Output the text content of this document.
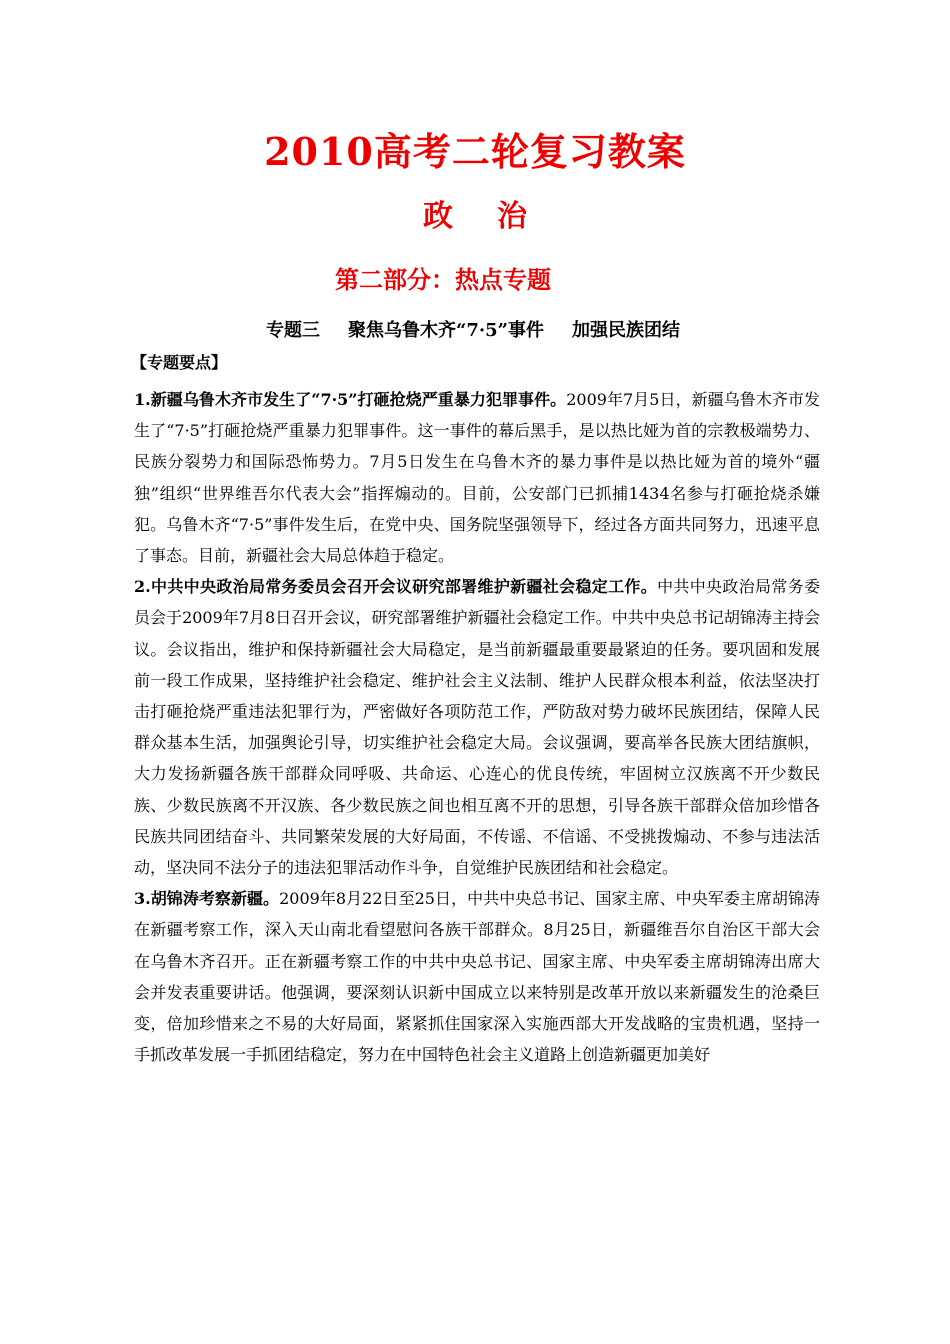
2010高考二轮复习教案
政 治
第二部分：热点专题
专题三 聚焦乌鲁木齐“7·5”事件 加强民族团结
【专题要点】

1.新疆乌鲁木齐市发生了“7·5”打砸抢烧严重暴力犯罪事件。2009年7月5日，新疆乌鲁木齐市发生了“7·5”打砸抢烧严重暴力犯罪事件。这一事件的幕后黑手，是以热比娅为首的宗教极端势力、民族分裂势力和国际恐怖势力。7月5日发生在乌鲁木齐的暴力事件是以热比娅为首的境外“疆独”组织“世界维吾尔代表大会”指挥煽动的。目前，公安部门已抓捕1434名参与打砸抢烧杀嫌犯。乌鲁木齐“7·5”事件发生后，在党中央、国务院坚强领导下，经过各方面共同努力，迅速平息了事态。目前，新疆社会大局总体趋于稳定。

2.中共中央政治局常务委员会召开会议研究部署维护新疆社会稳定工作。中共中央政治局常务委员会于2009年7月8日召开会议，研究部署维护新疆社会稳定工作。中共中央总书记胡锦涛主持会议。会议指出，维护和保持新疆社会大局稳定，是当前新疆最重要最紧迫的任务。要巩固和发展前一段工作成果，坚持维护社会稳定、维护社会主义法制、维护人民群众根本利益，依法坚决打击打砸抢烧严重违法犯罪行为，严密做好各项防范工作，严防敌对势力破坏民族团结，保障人民群众基本生活，加强舆论引导，切实维护社会稳定大局。会议强调，要高举各民族大团结旗帜，大力发扬新疆各族干部群众同呼吸、共命运、心连心的优良传统，牢固树立汉族离不开少数民族、少数民族离不开汉族、各少数民族之间也相互离不开的思想，引导各族干部群众倍加珍惜各民族共同团结奋斗、共同繁荣发展的大好局面，不传谣、不信谣、不受挑拨煽动、不参与违法活动，坚决同不法分子的违法犯罪活动作斗争，自觉维护民族团结和社会稳定。

3.胡锦涛考察新疆。2009年8月22日至25日，中共中央总书记、国家主席、中央军委主席胡锦涛在新疆考察工作，深入天山南北看望慰问各族干部群众。8月25日，新疆维吾尔自治区干部大会在乌鲁木齐召开。正在新疆考察工作的中共中央总书记、国家主席、中央军委主席胡锦涛出席大会并发表重要讲话。他强调，要深刻认识新中国成立以来特别是改革开放以来新疆发生的沧桑巨变，倍加珍惜来之不易的大好局面，紧紧抓住国家深入实施西部大开发战略的宝贵机遇，坚持一手抓改革发展一手抓团结稳定，努力在中国特色社会主义道路上创造新疆更加美好
